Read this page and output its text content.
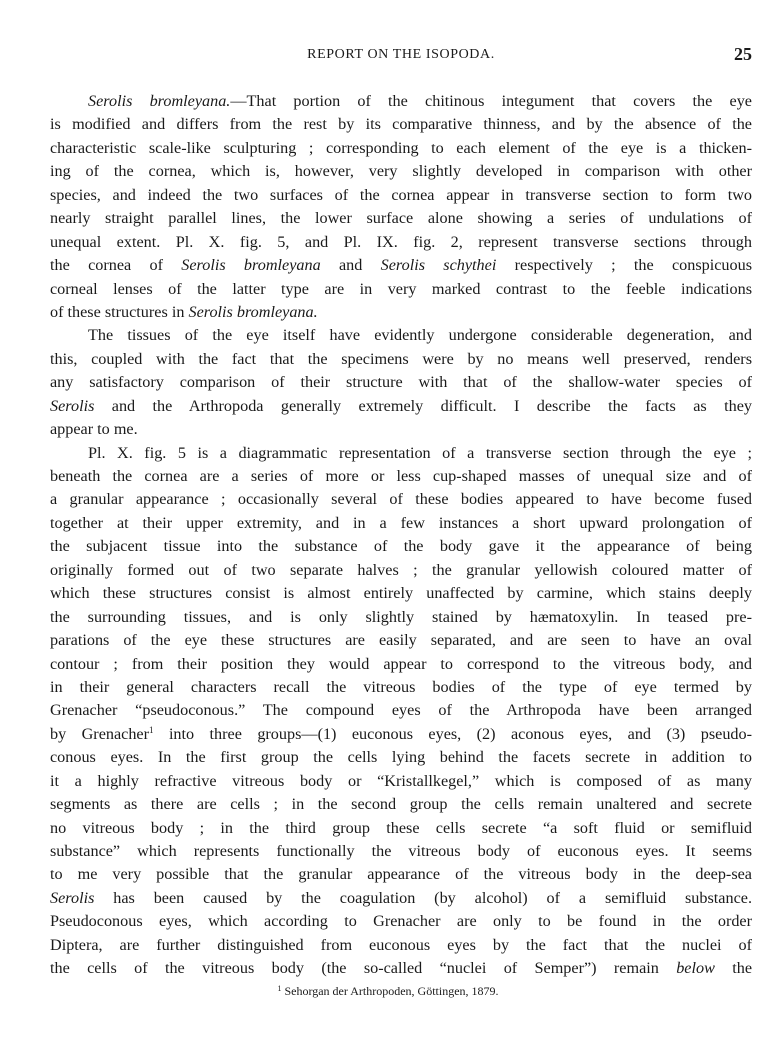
REPORT ON THE ISOPODA.	25
Serolis bromleyana.—That portion of the chitinous integument that covers the eye
is modified and differs from the rest by its comparative thinness, and by the absence of the
characteristic scale-like sculpturing ; corresponding to each element of the eye is a thicken-
ing of the cornea, which is, however, very slightly developed in comparison with other
species, and indeed the two surfaces of the cornea appear in transverse section to form two
nearly straight parallel lines, the lower surface alone showing a series of undulations of
unequal extent. Pl. X. fig. 5, and Pl. IX. fig. 2, represent transverse sections through
the cornea of Serolis bromleyana and Serolis schythei respectively ; the conspicuous
corneal lenses of the latter type are in very marked contrast to the feeble indications
of these structures in Serolis bromleyana.
The tissues of the eye itself have evidently undergone considerable degeneration, and
this, coupled with the fact that the specimens were by no means well preserved, renders
any satisfactory comparison of their structure with that of the shallow-water species of
Serolis and the Arthropoda generally extremely difficult. I describe the facts as they
appear to me.
Pl. X. fig. 5 is a diagrammatic representation of a transverse section through the eye ;
beneath the cornea are a series of more or less cup-shaped masses of unequal size and of
a granular appearance ; occasionally several of these bodies appeared to have become fused
together at their upper extremity, and in a few instances a short upward prolongation of
the subjacent tissue into the substance of the body gave it the appearance of being
originally formed out of two separate halves ; the granular yellowish coloured matter of
which these structures consist is almost entirely unaffected by carmine, which stains deeply
the surrounding tissues, and is only slightly stained by hæmatoxylin. In teased pre-
parations of the eye these structures are easily separated, and are seen to have an oval
contour ; from their position they would appear to correspond to the vitreous body, and
in their general characters recall the vitreous bodies of the type of eye termed by
Grenacher “pseudoconous.” The compound eyes of the Arthropoda have been arranged
by Grenacher$^1$ into three groups—(1) euconous eyes, (2) aconous eyes, and (3) pseudo-
conous eyes. In the first group the cells lying behind the facets secrete in addition to
it a highly refractive vitreous body or “Kristallkegel,” which is composed of as many
segments as there are cells ; in the second group the cells remain unaltered and secrete
no vitreous body ; in the third group these cells secrete “a soft fluid or semifluid
substance” which represents functionally the vitreous body of euconous eyes. It seems
to me very possible that the granular appearance of the vitreous body in the deep-sea
Serolis has been caused by the coagulation (by alcohol) of a semifluid substance.
Pseudoconous eyes, which according to Grenacher are only to be found in the order
Diptera, are further distinguished from euconous eyes by the fact that the nuclei of
the cells of the vitreous body (the so-called “nuclei of Semper”) remain below the
$^1$ Sehorgan der Arthropoden, Göttingen, 1879.
